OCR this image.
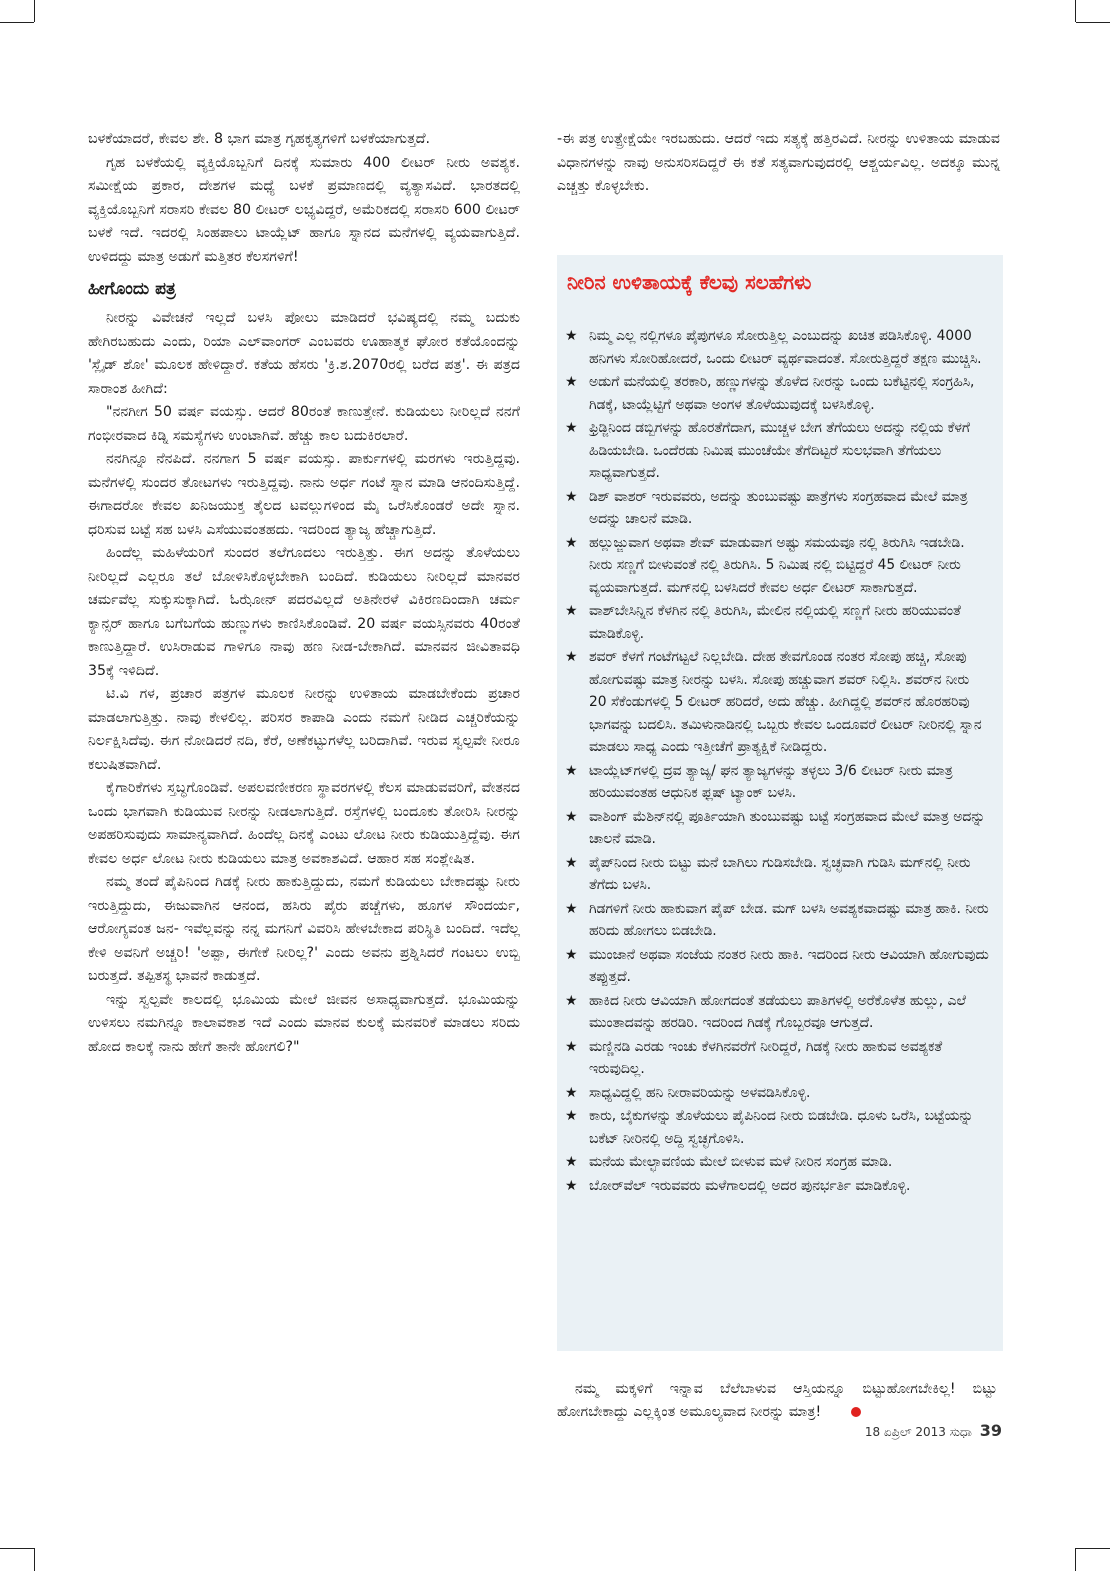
ಬಳಕೆಯಾದರೆ, ಕೇವಲ ಶೇ. 8 ಭಾಗ ಮಾತ್ರ ಗೃಹಕೃತ್ಯಗಳಿಗೆ ಬಳಕೆಯಾಗುತ್ತದೆ.

ಗೃಹ ಬಳಕೆಯಲ್ಲಿ ವ್ಯಕ್ತಿಯೊಬ್ಬನಿಗೆ ದಿನಕ್ಕೆ ಸುಮಾರು 400 ಲೀಟರ್ ನೀರು ಅವಶ್ಯಕ. ಸಮೀಕ್ಷೆಯ ಪ್ರಕಾರ, ದೇಶಗಳ ಮಧ್ಯೆ ಬಳಕೆ ಪ್ರಮಾಣದಲ್ಲಿ ವ್ಯತ್ಯಾಸವಿದೆ. ಭಾರತದಲ್ಲಿ ವ್ಯಕ್ತಿಯೊಬ್ಬನಿಗೆ ಸರಾಸರಿ ಕೇವಲ 80 ಲೀಟರ್ ಲಭ್ಯವಿದ್ದರೆ, ಅಮೆರಿಕದಲ್ಲಿ ಸರಾಸರಿ 600 ಲೀಟರ್ ಬಳಕೆ ಇದೆ. ಇದರಲ್ಲಿ ಸಿಂಹಪಾಲು ಟಾಯ್ಲೆಟ್ ಹಾಗೂ ಸ್ನಾನದ ಮನೆಗಳಲ್ಲಿ ವ್ಯಯವಾಗುತ್ತಿದೆ. ಉಳಿದದ್ದು ಮಾತ್ರ ಅಡುಗೆ ಮತ್ತಿತರ ಕೆಲಸಗಳಿಗೆ!

ಹೀಗೊಂದು ಪತ್ರ

ನೀರನ್ನು ವಿವೇಚನೆ ಇಲ್ಲದೆ ಬಳಸಿ ಪೋಲು ಮಾಡಿದರೆ ಭವಿಷ್ಯದಲ್ಲಿ ನಮ್ಮ ಬದುಕು ಹೇಗಿರಬಹುದು ಎಂದು, ರಿಯಾ ಎಲ್‌ವಾಂಗರ್ ಎಂಬವರು ಊಹಾತ್ಮಕ ಘೋರ ಕತೆಯೊಂದನ್ನು 'ಸ್ಲೈಡ್ ಶೋ' ಮೂಲಕ ಹೇಳಿದ್ದಾರೆ. ಕತೆಯ ಹೆಸರು 'ಕ್ರಿ.ಶ.2070ರಲ್ಲಿ ಬರೆದ ಪತ್ರ'. ಈ ಪತ್ರದ ಸಾರಾಂಶ ಹೀಗಿದೆ:

"ನನಗೀಗ 50 ವರ್ಷ ವಯಸ್ಸು. ಆದರೆ 80ರಂತೆ ಕಾಣುತ್ತೇನೆ. ಕುಡಿಯಲು ನೀರಿಲ್ಲದೆ ನನಗೆ ಗಂಭೀರವಾದ ಕಿಡ್ನಿ ಸಮಸ್ಯೆಗಳು ಉಂಟಾಗಿವೆ. ಹೆಚ್ಚು ಕಾಲ ಬದುಕಿರಲಾರೆ.

ನನಗಿನ್ನೂ ನೆನಪಿದೆ. ನನಗಾಗ 5 ವರ್ಷ ವಯಸ್ಸು. ಪಾರ್ಕುಗಳಲ್ಲಿ ಮರಗಳು ಇರುತ್ತಿದ್ದವು. ಮನೆಗಳಲ್ಲಿ ಸುಂದರ ತೋಟಗಳು ಇರುತ್ತಿದ್ದವು. ನಾನು ಅರ್ಧ ಗಂಟೆ ಸ್ನಾನ ಮಾಡಿ ಆನಂದಿಸುತ್ತಿದ್ದೆ. ಈಗಾದರೋ ಕೇವಲ ಖನಿಜಯುಕ್ತ ತೈಲದ ಟವಲ್ಲುಗಳಿಂದ ಮೈ ಒರೆಸಿಕೊಂಡರೆ ಅದೇ ಸ್ನಾನ. ಧರಿಸುವ ಬಟ್ಟೆ ಸಹ ಬಳಸಿ ಎಸೆಯುವಂತಹದು. ಇದರಿಂದ ತ್ಯಾಜ್ಯ ಹೆಚ್ಚಾಗುತ್ತಿದೆ.

ಹಿಂದೆಲ್ಲ ಮಹಿಳೆಯರಿಗೆ ಸುಂದರ ತಲೆಗೂದಲು ಇರುತ್ತಿತ್ತು. ಈಗ ಅದನ್ನು ತೊಳೆಯಲು ನೀರಿಲ್ಲದೆ ಎಲ್ಲರೂ ತಲೆ ಬೋಳಿಸಿಕೊಳ್ಳಬೇಕಾಗಿ ಬಂದಿದೆ. ಕುಡಿಯಲು ನೀರಿಲ್ಲದೆ ಮಾನವರ ಚರ್ಮವೆಲ್ಲ ಸುಕ್ಕುಸುಕ್ಕಾಗಿದೆ. ಓಝೋನ್ ಪದರವಿಲ್ಲದೆ ಅತಿನೇರಳೆ ವಿಕಿರಣದಿಂದಾಗಿ ಚರ್ಮ ಕ್ಯಾನ್ಸರ್ ಹಾಗೂ ಬಗೆಬಗೆಯ ಹುಣ್ಣುಗಳು ಕಾಣಿಸಿಕೊಂಡಿವೆ. 20 ವರ್ಷ ವಯಸ್ಸಿನವರು 40ರಂತೆ ಕಾಣುತ್ತಿದ್ದಾರೆ. ಉಸಿರಾಡುವ ಗಾಳಿಗೂ ನಾವು ಹಣ ನೀಡ-ಬೇಕಾಗಿದೆ. ಮಾನವನ ಜೀವಿತಾವಧಿ 35ಕ್ಕೆ ಇಳಿದಿದೆ.

ಟಿ.ವಿ ಗಳ, ಪ್ರಚಾರ ಪತ್ರಗಳ ಮೂಲಕ ನೀರನ್ನು ಉಳಿತಾಯ ಮಾಡಬೇಕೆಂದು ಪ್ರಚಾರ ಮಾಡಲಾಗುತ್ತಿತ್ತು. ನಾವು ಕೇಳಲಿಲ್ಲ. ಪರಿಸರ ಕಾಪಾಡಿ ಎಂದು ನಮಗೆ ನೀಡಿದ ಎಚ್ಚರಿಕೆಯನ್ನು ನಿರ್ಲಕ್ಷಿಸಿದೆವು. ಈಗ ನೋಡಿದರೆ ನದಿ, ಕೆರೆ, ಅಣೆಕಟ್ಟುಗಳೆಲ್ಲ ಬರಿದಾಗಿವೆ. ಇರುವ ಸ್ವಲ್ಪವೇ ನೀರೂ ಕಲುಷಿತವಾಗಿದೆ.

ಕೈಗಾರಿಕೆಗಳು ಸ್ತಬ್ಧಗೊಂಡಿವೆ. ಅಪಲವಣೀಕರಣ ಸ್ಥಾವರಗಳಲ್ಲಿ ಕೆಲಸ ಮಾಡುವವರಿಗೆ, ವೇತನದ ಒಂದು ಭಾಗವಾಗಿ ಕುಡಿಯುವ ನೀರನ್ನು ನೀಡಲಾಗುತ್ತಿದೆ. ರಸ್ತೆಗಳಲ್ಲಿ ಬಂದೂಕು ತೋರಿಸಿ ನೀರನ್ನು ಅಪಹರಿಸುವುದು ಸಾಮಾನ್ಯವಾಗಿದೆ. ಹಿಂದೆಲ್ಲ ದಿನಕ್ಕೆ ಎಂಟು ಲೋಟ ನೀರು ಕುಡಿಯುತ್ತಿದ್ದೆವು. ಈಗ ಕೇವಲ ಅರ್ಧ ಲೋಟ ನೀರು ಕುಡಿಯಲು ಮಾತ್ರ ಅವಕಾಶವಿದೆ. ಆಹಾರ ಸಹ ಸಂಶ್ಲೇಷಿತ.

ನಮ್ಮ ತಂದೆ ಪೈಪಿನಿಂದ ಗಿಡಕ್ಕೆ ನೀರು ಹಾಕುತ್ತಿದ್ದುದು, ನಮಗೆ ಕುಡಿಯಲು ಬೇಕಾದಷ್ಟು ನೀರು ಇರುತ್ತಿದ್ದುದು, ಈಜುವಾಗಿನ ಆನಂದ, ಹಸಿರು ಪೈರು ಪಚ್ಚೆಗಳು, ಹೂಗಳ ಸೌಂದರ್ಯ, ಆರೋಗ್ಯವಂತ ಜನ- ಇವೆಲ್ಲವನ್ನು ನನ್ನ ಮಗನಿಗೆ ವಿವರಿಸಿ ಹೇಳಬೇಕಾದ ಪರಿಸ್ಥಿತಿ ಬಂದಿದೆ. ಇದೆಲ್ಲ ಕೇಳಿ ಅವನಿಗೆ ಅಚ್ಚರಿ! 'ಅಪ್ಪಾ, ಈಗೇಕೆ ನೀರಿಲ್ಲ?' ಎಂದು ಅವನು ಪ್ರಶ್ನಿಸಿದರೆ ಗಂಟಲು ಉಬ್ಬಿ ಬರುತ್ತದೆ. ತಪ್ಪಿತಸ್ಥ ಭಾವನೆ ಕಾಡುತ್ತದೆ.

ಇನ್ನು ಸ್ವಲ್ಪವೇ ಕಾಲದಲ್ಲಿ ಭೂಮಿಯ ಮೇಲೆ ಜೀವನ ಅಸಾಧ್ಯವಾಗುತ್ತದೆ. ಭೂಮಿಯನ್ನು ಉಳಿಸಲು ನಮಗಿನ್ನೂ ಕಾಲಾವಕಾಶ ಇದೆ ಎಂದು ಮಾನವ ಕುಲಕ್ಕೆ ಮನವರಿಕೆ ಮಾಡಲು ಸರಿದು ಹೋದ ಕಾಲಕ್ಕೆ ನಾನು ಹೇಗೆ ತಾನೇ ಹೋಗಲಿ?"

-ಈ ಪತ್ರ ಉತ್ಪ್ರೇಕ್ಷೆಯೇ ಇರಬಹುದು. ಆದರೆ ಇದು ಸತ್ಯಕ್ಕೆ ಹತ್ತಿರವಿದೆ. ನೀರನ್ನು ಉಳಿತಾಯ ಮಾಡುವ ವಿಧಾನಗಳನ್ನು ನಾವು ಅನುಸರಿಸದಿದ್ದರೆ ಈ ಕತೆ ಸತ್ಯವಾಗುವುದರಲ್ಲಿ ಆಶ್ಚರ್ಯವಿಲ್ಲ. ಅದಕ್ಕೂ ಮುನ್ನ ಎಚ್ಚತ್ತು ಕೊಳ್ಳಬೇಕು.

ನೀರಿನ ಉಳಿತಾಯಕ್ಕೆ ಕೆಲವು ಸಲಹೆಗಳು
★ ನಿಮ್ಮ ಎಲ್ಲ ನಲ್ಲಿಗಳೂ ಪೈಪುಗಳೂ ಸೋರುತ್ತಿಲ್ಲ ಎಂಬುದನ್ನು ಖಚಿತ ಪಡಿಸಿಕೊಳ್ಳಿ. 4000 ಹನಿಗಳು ಸೋರಿಹೋದರೆ, ಒಂದು ಲೀಟರ್ ವ್ಯರ್ಥವಾದಂತೆ. ಸೋರುತ್ತಿದ್ದರೆ ತಕ್ಷಣ ಮುಚ್ಚಿಸಿ.
★ ಅಡುಗೆ ಮನೆಯಲ್ಲಿ ತರಕಾರಿ, ಹಣ್ಣುಗಳನ್ನು ತೊಳೆದ ನೀರನ್ನು ಒಂದು ಬಕೆಟ್ಟಿನಲ್ಲಿ ಸಂಗ್ರಹಿಸಿ, ಗಿಡಕ್ಕೆ, ಟಾಯ್ಲೆಟ್ಟಿಗೆ ಅಥವಾ ಅಂಗಳ ತೊಳೆಯುವುದಕ್ಕೆ ಬಳಸಿಕೊಳ್ಳಿ.
★ ಫ್ರಿಡ್ಜಿನಿಂದ ಡಬ್ಬಿಗಳನ್ನು ಹೊರತೆಗೆದಾಗ, ಮುಚ್ಚಳ ಬೇಗ ತೆಗೆಯಲು ಅದನ್ನು ನಲ್ಲಿಯ ಕೆಳಗೆ ಹಿಡಿಯಬೇಡಿ. ಒಂದೆರಡು ನಿಮಿಷ ಮುಂಚೆಯೇ ತೆಗೆದಿಟ್ಟರೆ ಸುಲಭವಾಗಿ ತೆಗೆಯಲು ಸಾಧ್ಯವಾಗುತ್ತದೆ.
★ ಡಿಶ್ ವಾಶರ್ ಇರುವವರು, ಅದನ್ನು ತುಂಬುವಷ್ಟು ಪಾತ್ರೆಗಳು ಸಂಗ್ರಹವಾದ ಮೇಲೆ ಮಾತ್ರ ಅದನ್ನು ಚಾಲನೆ ಮಾಡಿ.
★ ಹಲ್ಲುಜ್ಜುವಾಗ ಅಥವಾ ಶೇವ್ ಮಾಡುವಾಗ ಅಷ್ಟು ಸಮಯವೂ ನಲ್ಲಿ ತಿರುಗಿಸಿ ಇಡಬೇಡಿ. ನೀರು ಸಣ್ಣಗೆ ಬೀಳುವಂತೆ ನಲ್ಲಿ ತಿರುಗಿಸಿ. 5 ನಿಮಿಷ ನಲ್ಲಿ ಬಿಟ್ಟಿದ್ದರೆ 45 ಲೀಟರ್ ನೀರು ವ್ಯಯವಾಗುತ್ತದೆ. ಮಗ್‌ನಲ್ಲಿ ಬಳಸಿದರೆ ಕೇವಲ ಅರ್ಧ ಲೀಟರ್ ಸಾಕಾಗುತ್ತದೆ.
★ ವಾಶ್‌ಬೇಸಿನ್ನಿನ ಕೆಳಗಿನ ನಲ್ಲಿ ತಿರುಗಿಸಿ, ಮೇಲಿನ ನಲ್ಲಿಯಲ್ಲಿ ಸಣ್ಣಗೆ ನೀರು ಹರಿಯುವಂತೆ ಮಾಡಿಕೊಳ್ಳಿ.
★ ಶವರ್ ಕೆಳಗೆ ಗಂಟೆಗಟ್ಟಲೆ ನಿಲ್ಲಬೇಡಿ. ದೇಹ ತೇವಗೊಂಡ ನಂತರ ಸೋಪು ಹಚ್ಚಿ, ಸೋಪು ಹೋಗುವಷ್ಟು ಮಾತ್ರ ನೀರನ್ನು ಬಳಸಿ. ಸೋಪು ಹಚ್ಚುವಾಗ ಶವರ್ ನಿಲ್ಲಿಸಿ. ಶವರ್‌ನ ನೀರು 20 ಸೆಕೆಂಡುಗಳಲ್ಲಿ 5 ಲೀಟರ್ ಹರಿದರೆ, ಅದು ಹೆಚ್ಚು. ಹೀಗಿದ್ದಲ್ಲಿ ಶವರ್‌ನ ಹೊರಹರಿವು ಭಾಗವನ್ನು ಬದಲಿಸಿ. ತಮಿಳುನಾಡಿನಲ್ಲಿ ಒಬ್ಬರು ಕೇವಲ ಒಂದೂವರೆ ಲೀಟರ್ ನೀರಿನಲ್ಲಿ ಸ್ನಾನ ಮಾಡಲು ಸಾಧ್ಯ ಎಂದು ಇತ್ತೀಚೆಗೆ ಪ್ರಾತ್ಯಕ್ಷಿಕೆ ನೀಡಿದ್ದರು.
★ ಟಾಯ್ಲೆಟ್‌ಗಳಲ್ಲಿ ದ್ರವ ತ್ಯಾಜ್ಯ/ ಘನ ತ್ಯಾಜ್ಯಗಳನ್ನು ತಳ್ಳಲು 3/6 ಲೀಟರ್ ನೀರು ಮಾತ್ರ ಹರಿಯುವಂತಹ ಆಧುನಿಕ ಫ್ಲಷ್ ಟ್ಯಾಂಕ್ ಬಳಸಿ.
★ ವಾಶಿಂಗ್ ಮೆಶಿನ್‌ನಲ್ಲಿ ಪೂರ್ತಿಯಾಗಿ ತುಂಬುವಷ್ಟು ಬಟ್ಟೆ ಸಂಗ್ರಹವಾದ ಮೇಲೆ ಮಾತ್ರ ಅದನ್ನು ಚಾಲನೆ ಮಾಡಿ.
★ ಪೈಪ್‌ನಿಂದ ನೀರು ಬಿಟ್ಟು ಮನೆ ಬಾಗಿಲು ಗುಡಿಸಬೇಡಿ. ಸ್ವಚ್ಛವಾಗಿ ಗುಡಿಸಿ ಮಗ್‌ನಲ್ಲಿ ನೀರು ತೆಗೆದು ಬಳಸಿ.
★ ಗಿಡಗಳಿಗೆ ನೀರು ಹಾಕುವಾಗ ಪೈಪ್ ಬೇಡ. ಮಗ್ ಬಳಸಿ ಅವಶ್ಯಕವಾದಷ್ಟು ಮಾತ್ರ ಹಾಕಿ. ನೀರು ಹರಿದು ಹೋಗಲು ಬಿಡಬೇಡಿ.
★ ಮುಂಜಾನೆ ಅಥವಾ ಸಂಜೆಯ ನಂತರ ನೀರು ಹಾಕಿ. ಇದರಿಂದ ನೀರು ಆವಿಯಾಗಿ ಹೋಗುವುದು ತಪ್ಪುತ್ತದೆ.
★ ಹಾಕಿದ ನೀರು ಆವಿಯಾಗಿ ಹೋಗದಂತೆ ತಡೆಯಲು ಪಾತಿಗಳಲ್ಲಿ ಅರೆಕೊಳೆತ ಹುಲ್ಲು, ಎಲೆ ಮುಂತಾದವನ್ನು ಹರಡಿರಿ. ಇದರಿಂದ ಗಿಡಕ್ಕೆ ಗೊಬ್ಬರವೂ ಆಗುತ್ತದೆ.
★ ಮಣ್ಣಿನಡಿ ಎರಡು ಇಂಚು ಕೆಳಗಿನವರೆಗೆ ನೀರಿದ್ದರೆ, ಗಿಡಕ್ಕೆ ನೀರು ಹಾಕುವ ಅವಶ್ಯಕತೆ ಇರುವುದಿಲ್ಲ.
★ ಸಾಧ್ಯವಿದ್ದಲ್ಲಿ ಹನಿ ನೀರಾವರಿಯನ್ನು ಅಳವಡಿಸಿಕೊಳ್ಳಿ.
★ ಕಾರು, ಬೈಕುಗಳನ್ನು ತೊಳೆಯಲು ಪೈಪಿನಿಂದ ನೀರು ಬಿಡಬೇಡಿ. ಧೂಳು ಒರೆಸಿ, ಬಟ್ಟೆಯನ್ನು ಬಕೆಟ್ ನೀರಿನಲ್ಲಿ ಅದ್ದಿ ಸ್ವಚ್ಛಗೊಳಿಸಿ.
★ ಮನೆಯ ಮೇಲ್ಛಾವಣಿಯ ಮೇಲೆ ಬೀಳುವ ಮಳೆ ನೀರಿನ ಸಂಗ್ರಹ ಮಾಡಿ.
★ ಬೋರ್‌ವೆಲ್ ಇರುವವರು ಮಳೆಗಾಲದಲ್ಲಿ ಅದರ ಪುನರ್ಭರ್ತಿ ಮಾಡಿಕೊಳ್ಳಿ.

ನಮ್ಮ ಮಕ್ಕಳಿಗೆ ಇನ್ನಾವ ಬೆಲೆಬಾಳುವ ಆಸ್ತಿಯನ್ನೂ ಬಿಟ್ಟುಹೋಗಬೇಕಿಲ್ಲ! ಬಿಟ್ಟು ಹೋಗಬೇಕಾದ್ದು ಎಲ್ಲಕ್ಕಿಂತ ಅಮೂಲ್ಯವಾದ ನೀರನ್ನು ಮಾತ್ರ!

18 ಏಪ್ರಿಲ್ 2013 ಸುಧಾ 39
